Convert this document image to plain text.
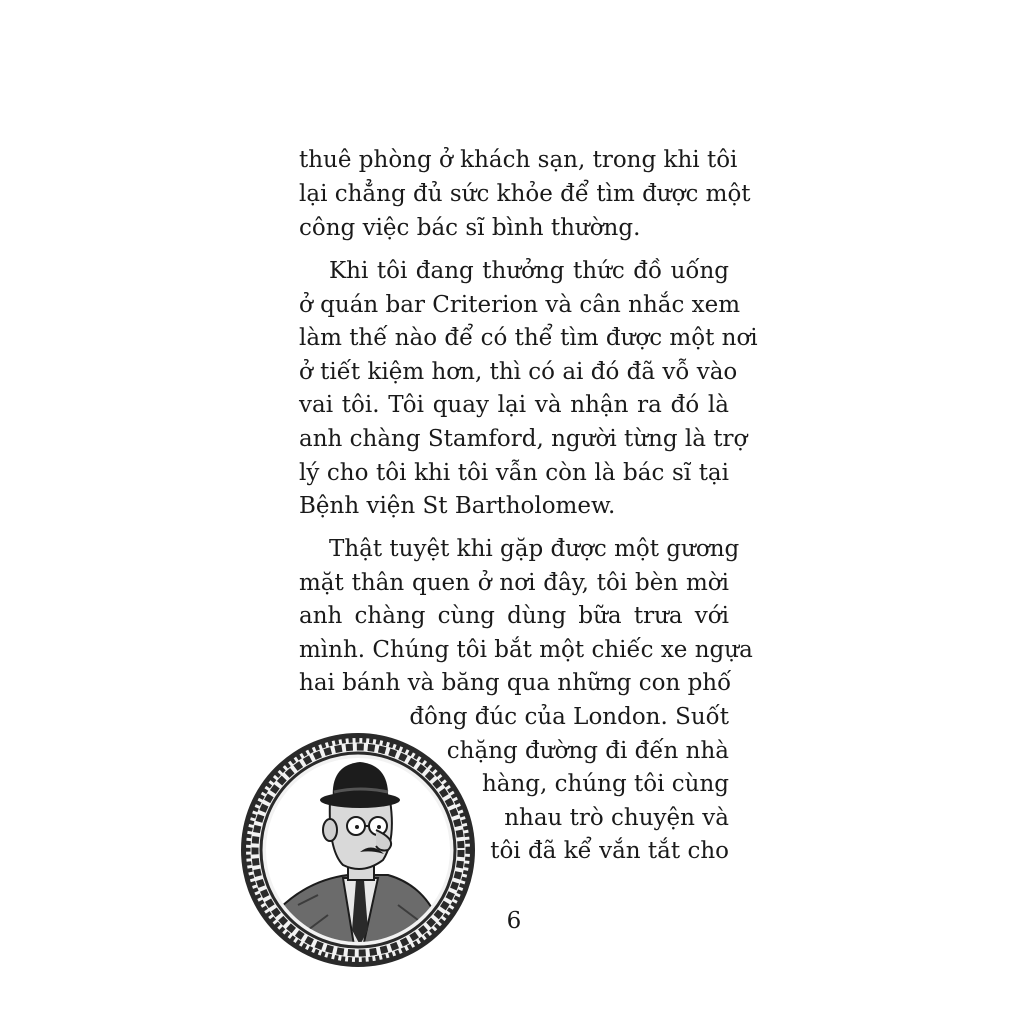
thuê phòng ở khách sạn, trong khi tôi
lại chẳng đủ sức khỏe để tìm được một
công việc bác sĩ bình thường.
Khi tôi đang thưởng thức đồ uống
ở quán bar Criterion và cân nhắc xem
làm thế nào để có thể tìm được một nơi
ở tiết kiệm hơn, thì có ai đó đã vỗ vào
vai tôi. Tôi quay lại và nhận ra đó là
anh chàng Stamford, người từng là trợ
lý cho tôi khi tôi vẫn còn là bác sĩ tại
Bệnh viện St Bartholomew.
Thật tuyệt khi gặp được một gương
mặt thân quen ở nơi đây, tôi bèn mời
anh chàng cùng dùng bữa trưa với
mình. Chúng tôi bắt một chiếc xe ngựa
hai bánh và băng qua những con phố
đông đúc của London. Suốt
chặng đường đi đến nhà
hàng, chúng tôi cùng
nhau trò chuyện và
tôi đã kể vắn tắt cho
6
